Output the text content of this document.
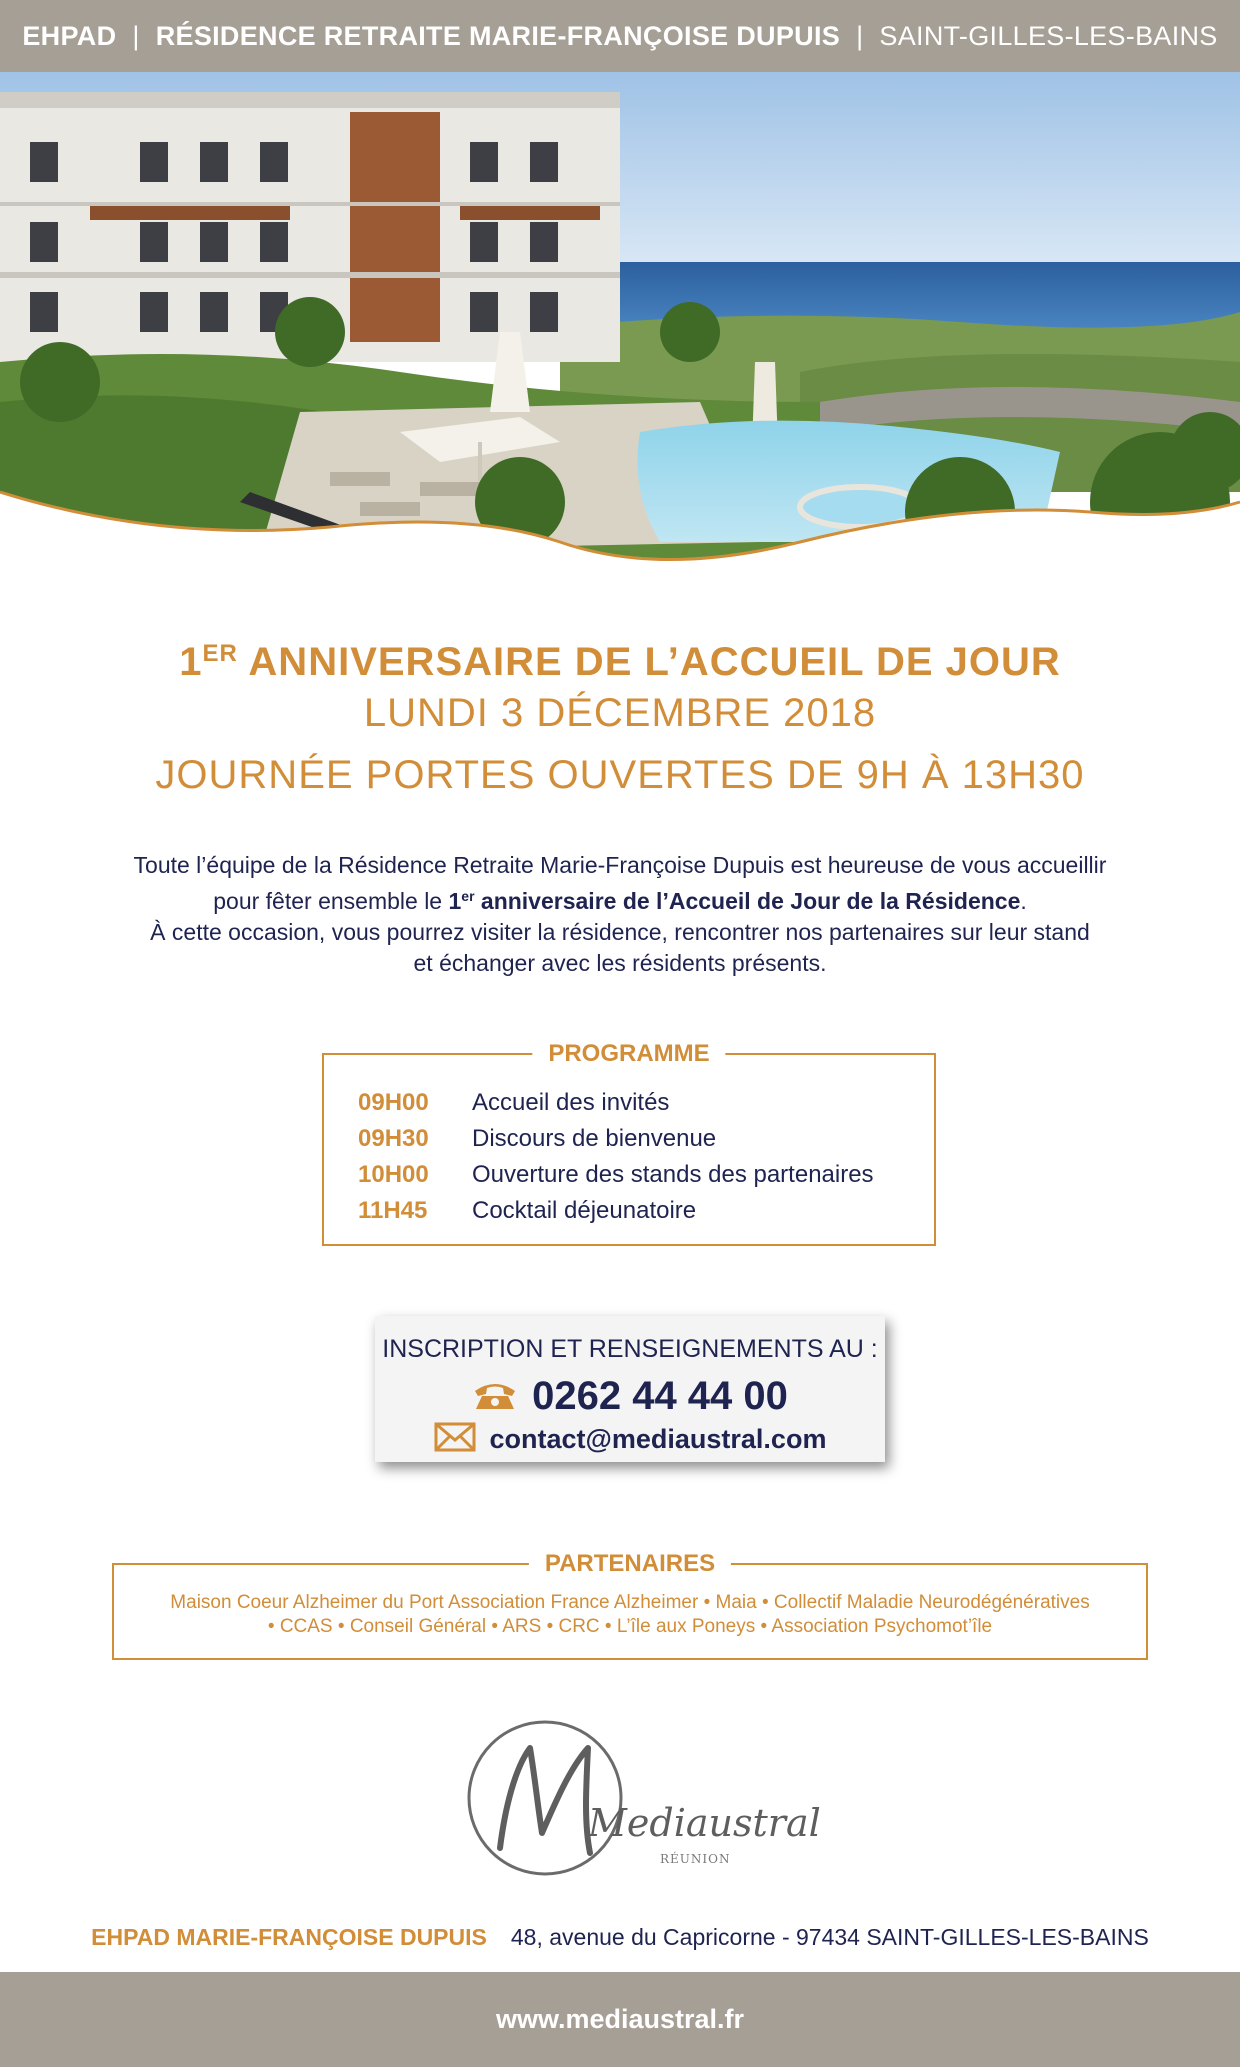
EHPAD | RÉSIDENCE RETRAITE MARIE-FRANÇOISE DUPUIS | SAINT-GILLES-LES-BAINS
1ER ANNIVERSAIRE DE L’ACCUEIL DE JOUR
LUNDI 3 DÉCEMBRE 2018
JOURNÉE PORTES OUVERTES DE 9H À 13H30
Toute l’équipe de la Résidence Retraite Marie-Françoise Dupuis est heureuse de vous accueillir
pour fêter ensemble le 1er anniversaire de l’Accueil de Jour de la Résidence.
À cette occasion, vous pourrez visiter la résidence, rencontrer nos partenaires sur leur stand
et échanger avec les résidents présents.
PROGRAMME
09H00 Accueil des invités
09H30 Discours de bienvenue
10H00 Ouverture des stands des partenaires
11H45 Cocktail déjeunatoire
INSCRIPTION ET RENSEIGNEMENTS AU :
0262 44 44 00
contact@mediaustral.com
PARTENAIRES
Maison Coeur Alzheimer du Port Association France Alzheimer • Maia • Collectif Maladie Neurodégénératives
• CCAS • Conseil Général • ARS • CRC • L’île aux Poneys • Association Psychomot’île
Mediaustral
RÉUNION
EHPAD MARIE-FRANÇOISE DUPUIS 48, avenue du Capricorne - 97434 SAINT-GILLES-LES-BAINS
www.mediaustral.fr
